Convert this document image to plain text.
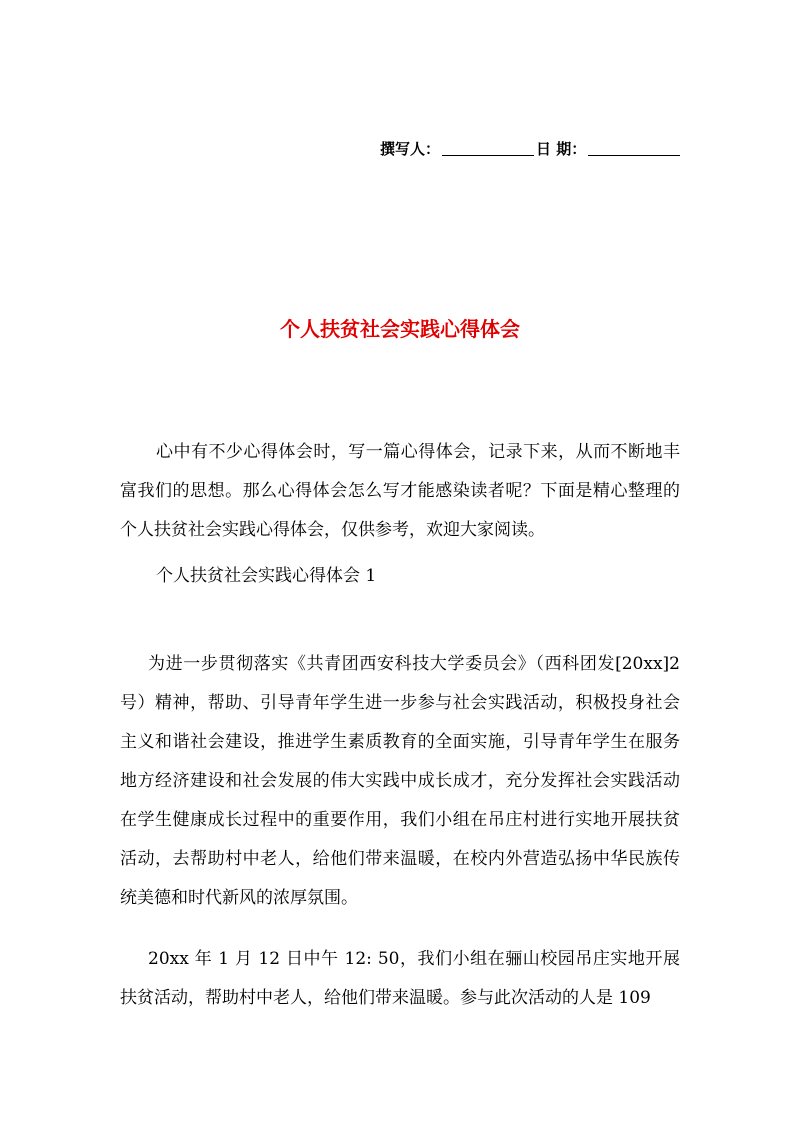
撰写人：	日 期：
个人扶贫社会实践心得体会
心中有不少心得体会时，写一篇心得体会，记录下来，从而不断地丰富我们的思想。那么心得体会怎么写才能感染读者呢？下面是精心整理的个人扶贫社会实践心得体会，仅供参考，欢迎大家阅读。
个人扶贫社会实践心得体会 1
为进一步贯彻落实《共青团西安科技大学委员会》（西科团发[20xx]2号）精神，帮助、引导青年学生进一步参与社会实践活动，积极投身社会主义和谐社会建设，推进学生素质教育的全面实施，引导青年学生在服务地方经济建设和社会发展的伟大实践中成长成才，充分发挥社会实践活动在学生健康成长过程中的重要作用，我们小组在吊庄村进行实地开展扶贫活动，去帮助村中老人，给他们带来温暖，在校内外营造弘扬中华民族传统美德和时代新风的浓厚氛围。
20xx 年 1 月 12 日中午 12: 50，我们小组在骊山校园吊庄实地开展扶贫活动，帮助村中老人，给他们带来温暖。参与此次活动的人是 109
